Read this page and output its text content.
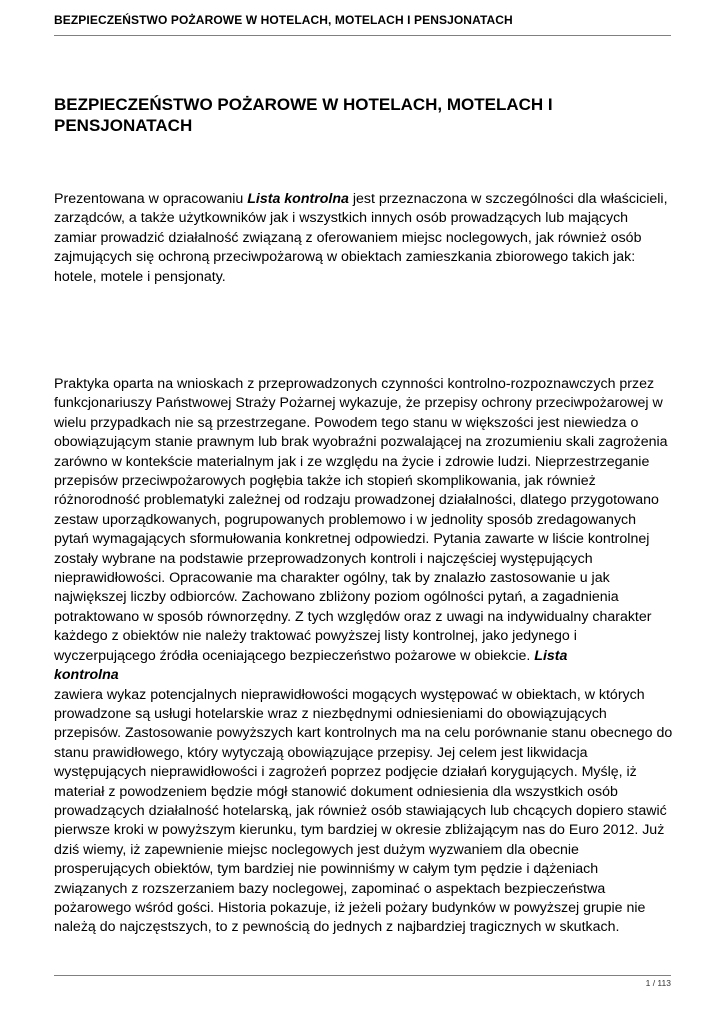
BEZPIECZEŃSTWO POŻAROWE W HOTELACH, MOTELACH I PENSJONATACH
BEZPIECZEŃSTWO POŻAROWE W HOTELACH, MOTELACH I
PENSJONATACH

Prezentowana w opracowaniu Lista kontrolna jest przeznaczona w szczególności dla właścicieli, zarządców, a także użytkowników jak i wszystkich innych osób prowadzących lub mających zamiar prowadzić działalność związaną z oferowaniem miejsc noclegowych, jak również osób zajmujących się ochroną przeciwpożarową w obiektach zamieszkania zbiorowego takich jak: hotele, motele i pensjonaty.

Praktyka oparta na wnioskach z przeprowadzonych czynności kontrolno-rozpoznawczych przez funkcjonariuszy Państwowej Straży Pożarnej wykazuje, że przepisy ochrony przeciwpożarowej w wielu przypadkach nie są przestrzegane. Powodem tego stanu w większości jest niewiedza o obowiązującym stanie prawnym lub brak wyobraźni pozwalającej na zrozumieniu skali zagrożenia zarówno w kontekście materialnym jak i ze względu na życie i zdrowie ludzi. Nieprzestrzeganie przepisów przeciwpożarowych pogłębia także ich stopień skomplikowania, jak również różnorodność problematyki zależnej od rodzaju prowadzonej działalności, dlatego przygotowano zestaw uporządkowanych, pogrupowanych problemowo i w jednolity sposób zredagowanych pytań wymagających sformułowania konkretnej odpowiedzi. Pytania zawarte w liście kontrolnej zostały wybrane na podstawie przeprowadzonych kontroli i najczęściej występujących nieprawidłowości. Opracowanie ma charakter ogólny, tak by znalazło zastosowanie u jak największej liczby odbiorców. Zachowano zbliżony poziom ogólności pytań, a zagadnienia potraktowano w sposób równorzędny. Z tych względów oraz z uwagi na indywidualny charakter każdego z obiektów nie należy traktować powyższej listy kontrolnej, jako jedynego i wyczerpującego źródła oceniającego bezpieczeństwo pożarowe w obiekcie. Lista
kontrolna
zawiera wykaz potencjalnych nieprawidłowości mogących występować w obiektach, w których prowadzone są usługi hotelarskie wraz z niezbędnymi odniesieniami do obowiązujących przepisów. Zastosowanie powyższych kart kontrolnych ma na celu porównanie stanu obecnego do stanu prawidłowego, który wytyczają obowiązujące przepisy. Jej celem jest likwidacja występujących nieprawidłowości i zagrożeń poprzez podjęcie działań korygujących. Myślę, iż materiał z powodzeniem będzie mógł stanowić dokument odniesienia dla wszystkich osób prowadzących działalność hotelarską, jak również osób stawiających lub chcących dopiero stawić pierwsze kroki w powyższym kierunku, tym bardziej w okresie zbliżającym nas do Euro 2012. Już dziś wiemy, iż zapewnienie miejsc noclegowych jest dużym wyzwaniem dla obecnie prosperujących obiektów, tym bardziej nie powinniśmy w całym tym pędzie i dążeniach związanych z rozszerzaniem bazy noclegowej, zapominać o aspektach bezpieczeństwa pożarowego wśród gości. Historia pokazuje, iż jeżeli pożary budynków w powyższej grupie nie należą do najczęstszych, to z pewnością do jednych z najbardziej tragicznych w skutkach.

1 / 113
